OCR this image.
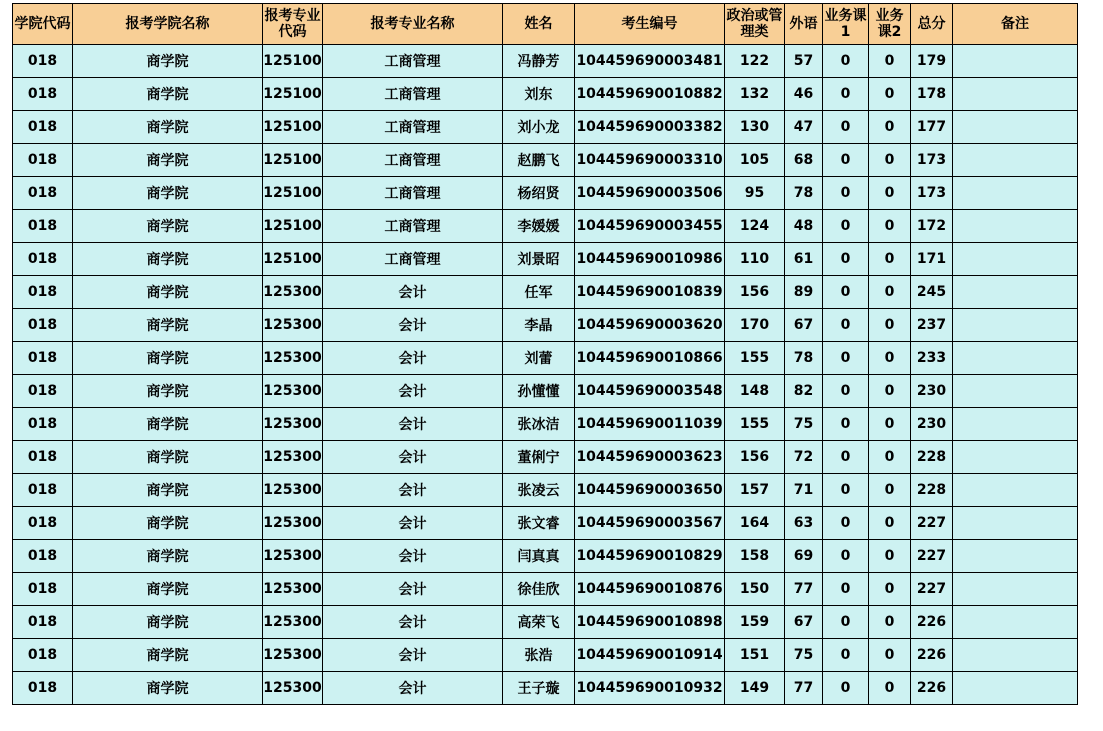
学院代码	报考学院名称	报考专业代码	报考专业名称	姓名	考生编号	政治或管理类	外语	业务课1	业务课2	总分	备注
018	商学院	125100	工商管理	冯静芳	104459690003481	122	57	0	0	179	
018	商学院	125100	工商管理	刘东	104459690010882	132	46	0	0	178	
018	商学院	125100	工商管理	刘小龙	104459690003382	130	47	0	0	177	
018	商学院	125100	工商管理	赵鹏飞	104459690003310	105	68	0	0	173	
018	商学院	125100	工商管理	杨绍贤	104459690003506	95	78	0	0	173	
018	商学院	125100	工商管理	李媛媛	104459690003455	124	48	0	0	172	
018	商学院	125100	工商管理	刘景昭	104459690010986	110	61	0	0	171	
018	商学院	125300	会计	任军	104459690010839	156	89	0	0	245	
018	商学院	125300	会计	李晶	104459690003620	170	67	0	0	237	
018	商学院	125300	会计	刘蕾	104459690010866	155	78	0	0	233	
018	商学院	125300	会计	孙懂懂	104459690003548	148	82	0	0	230	
018	商学院	125300	会计	张冰洁	104459690011039	155	75	0	0	230	
018	商学院	125300	会计	董俐宁	104459690003623	156	72	0	0	228	
018	商学院	125300	会计	张凌云	104459690003650	157	71	0	0	228	
018	商学院	125300	会计	张文睿	104459690003567	164	63	0	0	227	
018	商学院	125300	会计	闫真真	104459690010829	158	69	0	0	227	
018	商学院	125300	会计	徐佳欣	104459690010876	150	77	0	0	227	
018	商学院	125300	会计	高荣飞	104459690010898	159	67	0	0	226	
018	商学院	125300	会计	张浩	104459690010914	151	75	0	0	226	
018	商学院	125300	会计	王子璇	104459690010932	149	77	0	0	226	
